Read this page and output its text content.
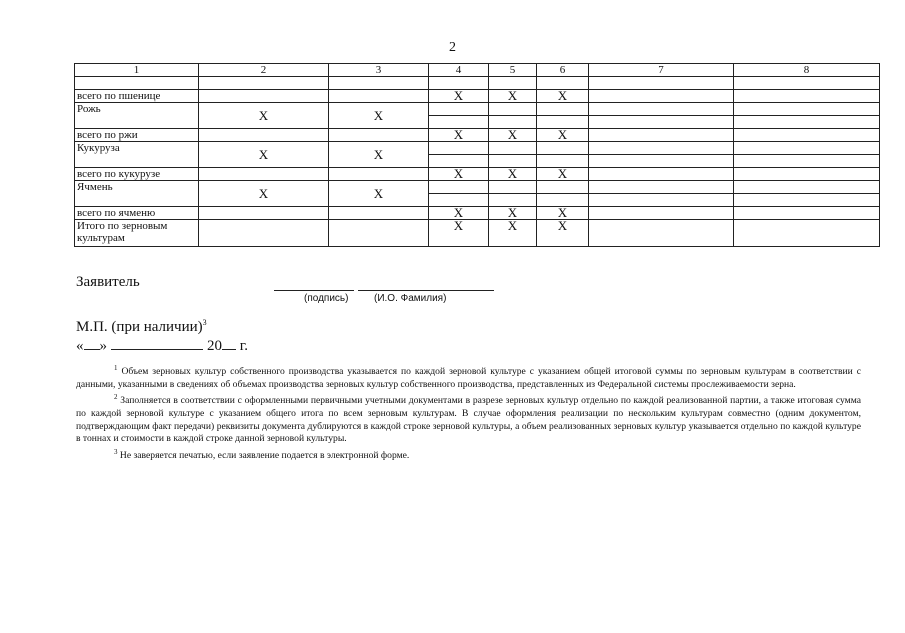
2
1	2	3	4	5	6	7	8

всего по пшенице			X	X	X		
Рожь	X	X					

всего по ржи			X	X	X		
Кукуруза	X	X					

всего по кукурузе			X	X	X		
Ячмень	X	X					

всего по ячменю			X	X	X		
Итого по зерновым культурам			X	X	X		
Заявитель
(подпись)	(И.О. Фамилия)
М.П. (при наличии)$^3$
« »	20 г.

$^1$ Объем зерновых культур собственного производства указывается по каждой зерновой культуре с указанием общей итоговой суммы по зерновым культурам в соответствии с данными, указанными в сведениях об объемах производства зерновых культур собственного производства, представленных из Федеральной системы прослеживаемости зерна.

$^2$ Заполняется в соответствии с оформленными первичными учетными документами в разрезе зерновых культур отдельно по каждой реализованной партии, а также итоговая сумма по каждой зерновой культуре с указанием общего итога по всем зерновым культурам. В случае оформления реализации по нескольким культурам совместно (одним документом, подтверждающим факт передачи) реквизиты документа дублируются в каждой строке зерновой культуры, а объем реализованных зерновых культур указывается отдельно по каждой культуре в тоннах и стоимости в каждой строке данной зерновой культуры.

$^3$ Не заверяется печатью, если заявление подается в электронной форме.
